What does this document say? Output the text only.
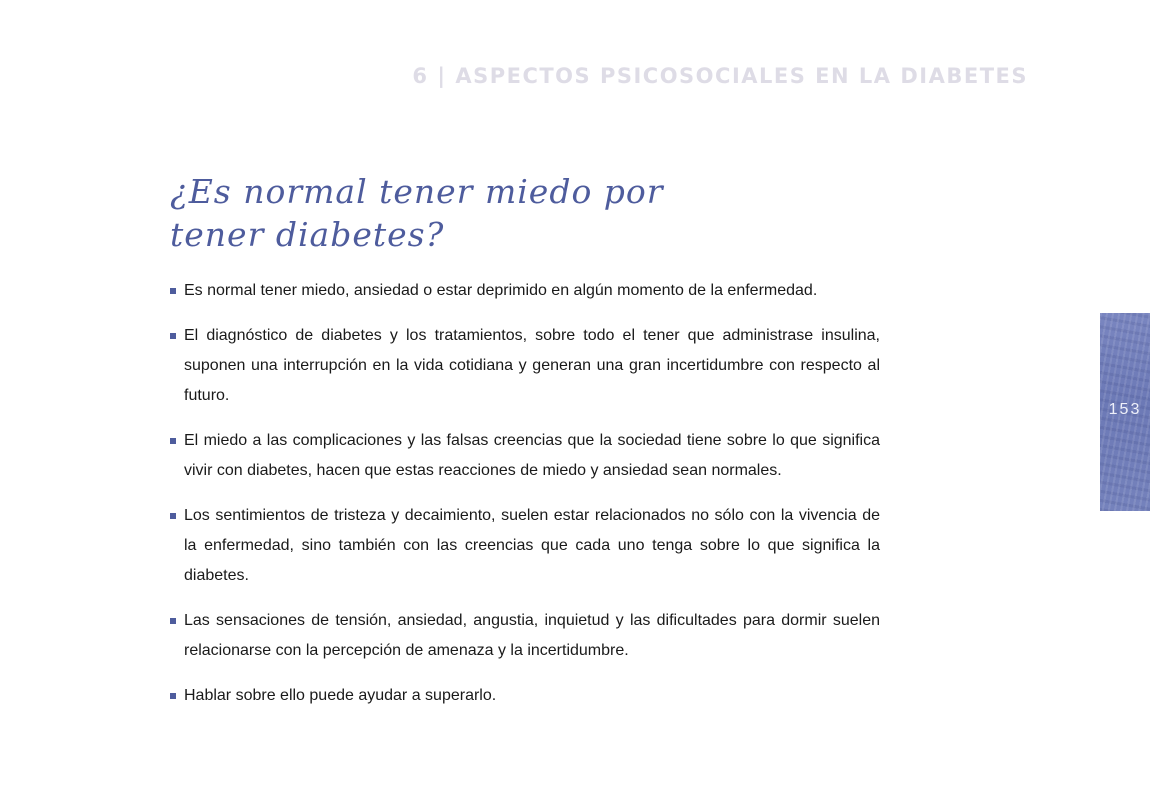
6 | ASPECTOS PSICOSOCIALES EN LA DIABETES
¿Es normal tener miedo por
tener diabetes?
Es normal tener miedo, ansiedad o estar deprimido en algún momento de la enfermedad.
El diagnóstico de diabetes y los tratamientos, sobre todo el tener que administrase insulina, suponen una interrupción en la vida cotidiana y generan una gran incertidumbre con respecto al futuro.
El miedo a las complicaciones y las falsas creencias que la sociedad tiene sobre lo que significa vivir con diabetes, hacen que estas reacciones de miedo y ansiedad sean normales.
Los sentimientos de tristeza y decaimiento, suelen estar relacionados no sólo con la vivencia de la enfermedad, sino también con las creencias que cada uno tenga sobre lo que significa la diabetes.
Las sensaciones de tensión, ansiedad, angustia, inquietud y las dificultades para dormir suelen relacionarse con la percepción de amenaza y la incertidumbre.
Hablar sobre ello puede ayudar a superarlo.
153
